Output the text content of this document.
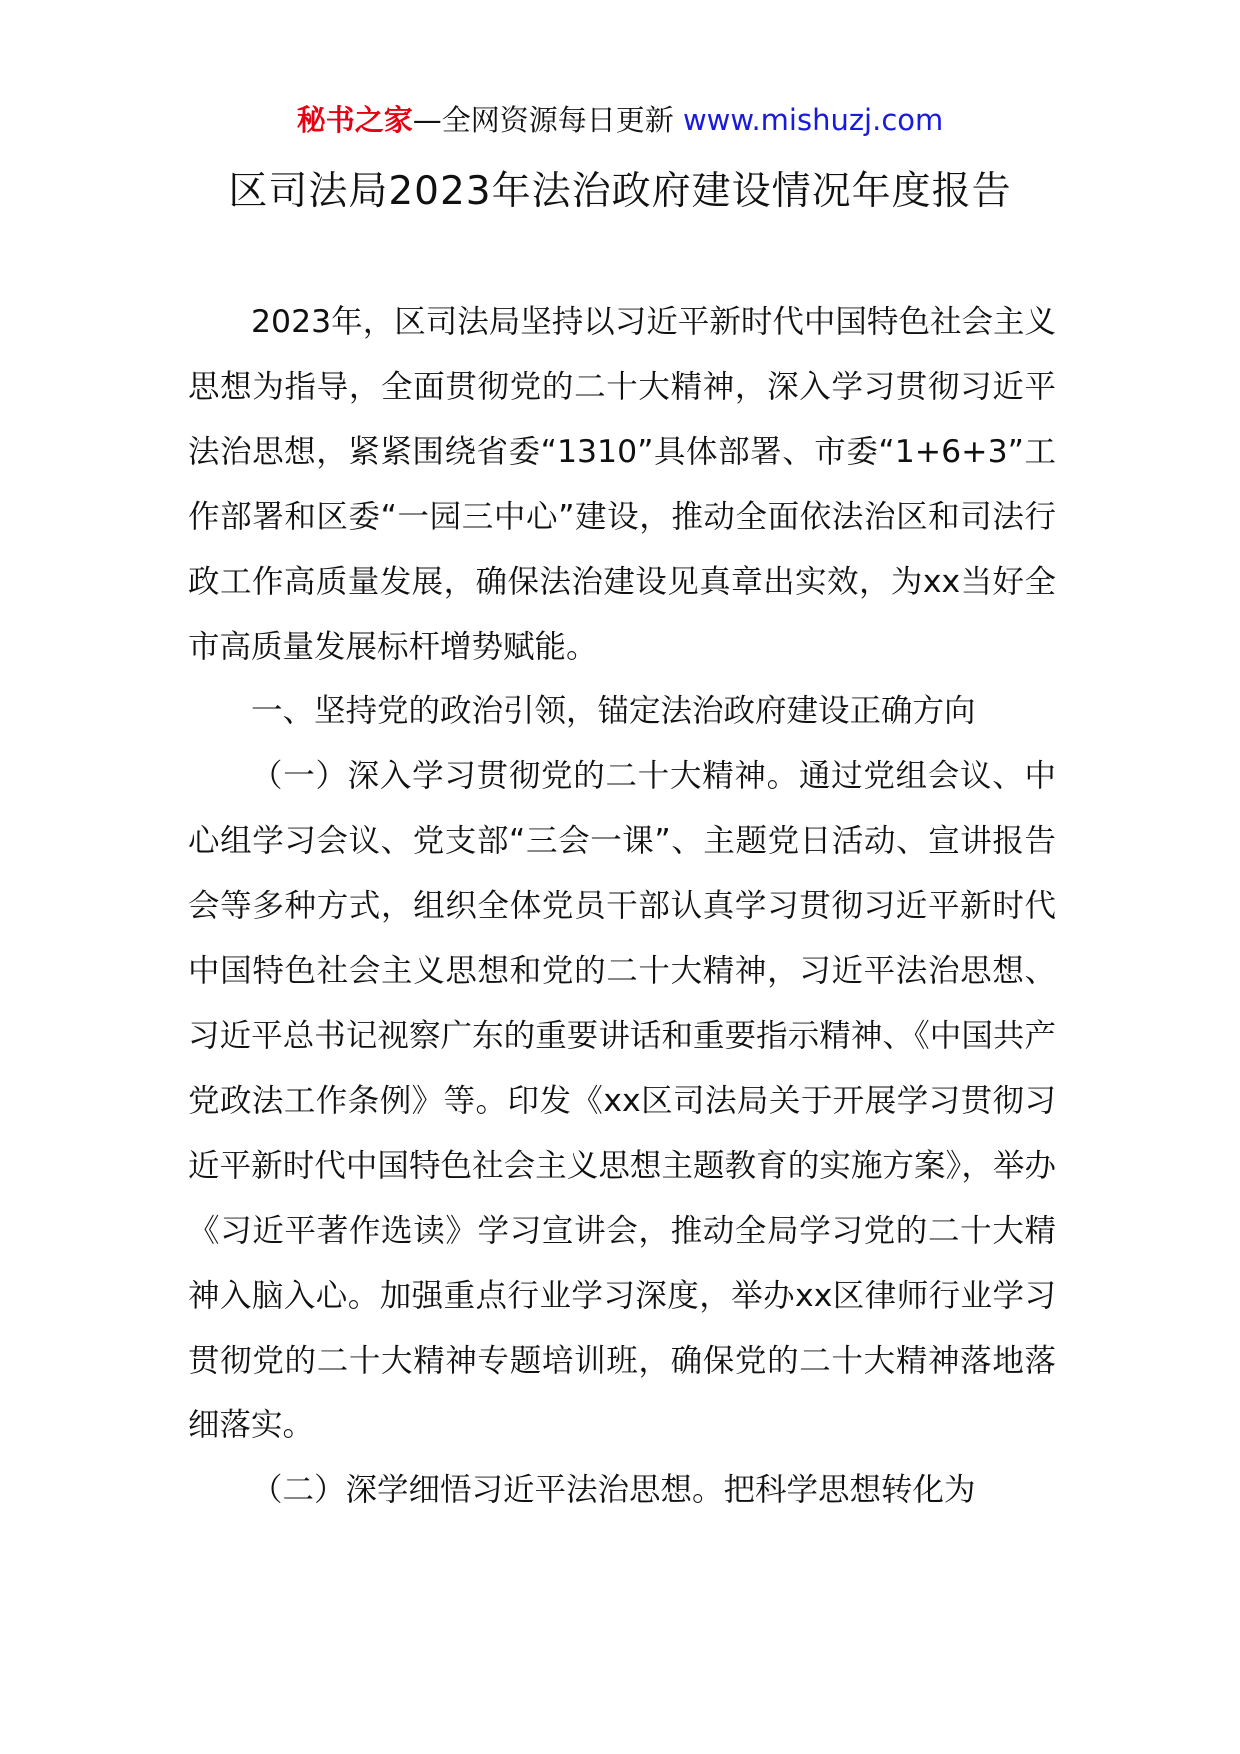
秘书之家—全网资源每日更新 www.mishuzj.com
区司法局2023年法治政府建设情况年度报告

2023年，区司法局坚持以习近平新时代中国特色社会主义思想为指导，全面贯彻党的二十大精神，深入学习贯彻习近平法治思想，紧紧围绕省委“1310”具体部署、市委“1+6+3”工作部署和区委“一园三中心”建设，推动全面依法治区和司法行政工作高质量发展，确保法治建设见真章出实效，为xx当好全市高质量发展标杆增势赋能。

一、坚持党的政治引领，锚定法治政府建设正确方向

（一）深入学习贯彻党的二十大精神。通过党组会议、中心组学习会议、党支部“三会一课”、主题党日活动、宣讲报告会等多种方式，组织全体党员干部认真学习贯彻习近平新时代中国特色社会主义思想和党的二十大精神，习近平法治思想、习近平总书记视察广东的重要讲话和重要指示精神、《中国共产党政法工作条例》等。印发《xx区司法局关于开展学习贯彻习近平新时代中国特色社会主义思想主题教育的实施方案》，举办《习近平著作选读》学习宣讲会，推动全局学习党的二十大精神入脑入心。加强重点行业学习深度，举办xx区律师行业学习贯彻党的二十大精神专题培训班，确保党的二十大精神落地落细落实。

（二）深学细悟习近平法治思想。把科学思想转化为
